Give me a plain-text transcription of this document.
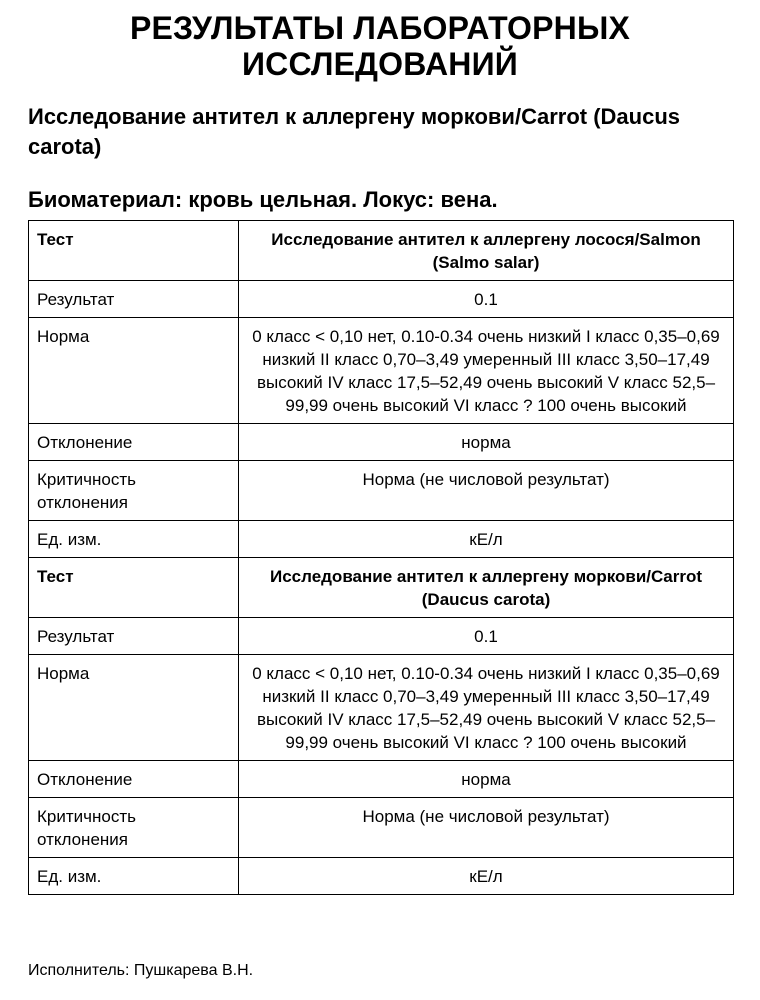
РЕЗУЛЬТАТЫ ЛАБОРАТОРНЫХ ИССЛЕДОВАНИЙ
Исследование антител к аллергену моркови/Carrot (Daucus carota)

Биоматериал: кровь цельная. Локус: вена.

Тест	Исследование антител к аллергену лосося/Salmon (Salmo salar)
Результат	0.1
Норма	0 класс < 0,10 нет, 0.10-0.34 очень низкий I класс 0,35–0,69 низкий II класс 0,70–3,49 умеренный III класс 3,50–17,49 высокий IV класс 17,5–52,49 очень высокий V класс 52,5–99,99 очень высокий VI класс ? 100 очень высокий
Отклонение	норма
Критичность отклонения	Норма (не числовой результат)
Ед. изм.	кЕ/л
Тест	Исследование антител к аллергену моркови/Carrot (Daucus carota)
Результат	0.1
Норма	0 класс < 0,10 нет, 0.10-0.34 очень низкий I класс 0,35–0,69 низкий II класс 0,70–3,49 умеренный III класс 3,50–17,49 высокий IV класс 17,5–52,49 очень высокий V класс 52,5–99,99 очень высокий VI класс ? 100 очень высокий
Отклонение	норма
Критичность отклонения	Норма (не числовой результат)
Ед. изм.	кЕ/л

Исполнитель: Пушкарева В.Н.
